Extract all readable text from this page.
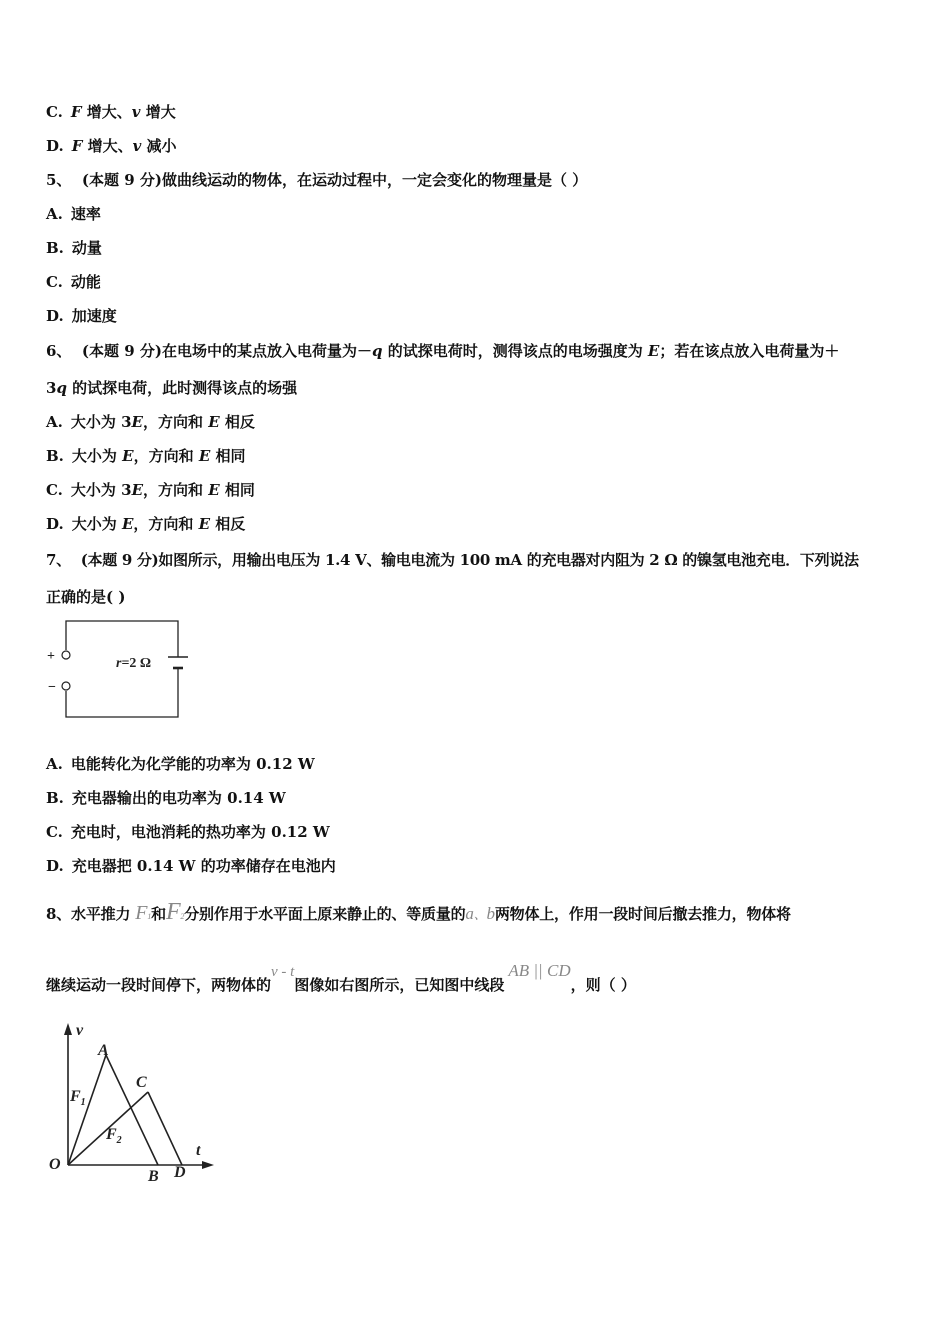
C. F 增大、v 增大
D. F 增大、v 减小
5、 (本题 9 分)做曲线运动的物体，在运动过程中，一定会变化的物理量是（ ）
A. 速率
B. 动量
C. 动能
D. 加速度
6、 (本题 9 分)在电场中的某点放入电荷量为－q 的试探电荷时，测得该点的电场强度为 E；若在该点放入电荷量为＋
3q 的试探电荷，此时测得该点的场强
A. 大小为 3E，方向和 E 相反
B. 大小为 E，方向和 E 相同
C. 大小为 3E，方向和 E 相同
D. 大小为 E，方向和 E 相反
7、 (本题 9 分)如图所示，用输出电压为 1.4 V、输电电流为 100 mA 的充电器对内阻为 2 Ω 的镍氢电池充电．下列说法
正确的是( )
+
−
r=2 Ω
A. 电能转化为化学能的功率为 0.12 W
B. 充电器输出的电功率为 0.14 W
C. 充电时，电池消耗的热功率为 0.12 W
D. 充电器把 0.14 W 的功率储存在电池内
8、水平推力 F1和F2分别作用于水平面上原来静止的、等质量的a、b两物体上，作用一段时间后撤去推力，物体将
继续运动一段时间停下，两物体的v - t图像如右图所示，已知图中线段AB || CD，则（ ）
v
t
O
A
C
B D
$F_1$
$F_2$
